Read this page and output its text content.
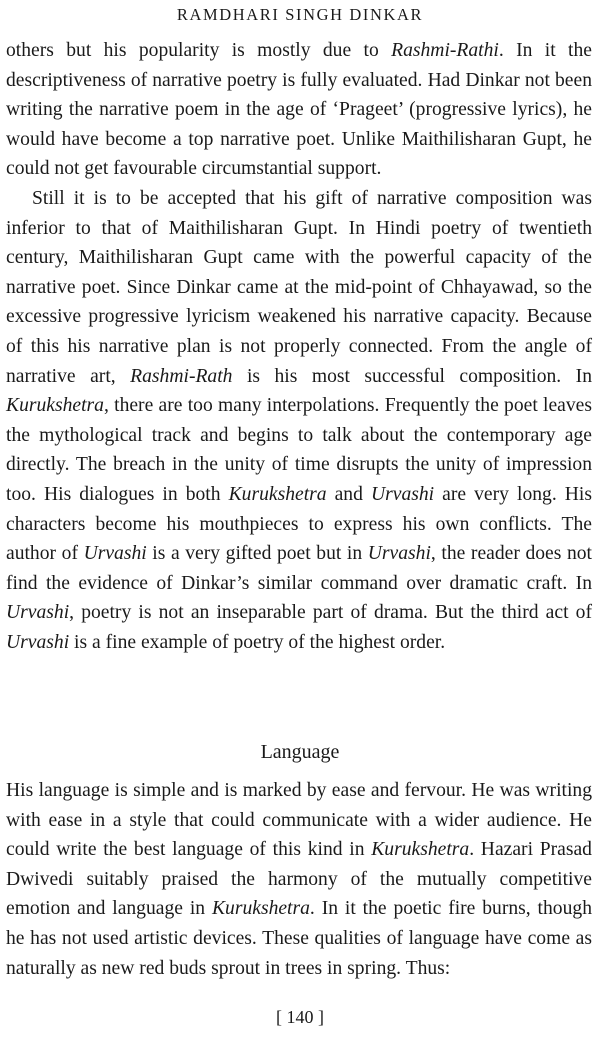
RAMDHARI SINGH DINKAR

others but his popularity is mostly due to Rashmi-Rathi. In it the descriptiveness of narrative poetry is fully evaluated. Had Dinkar not been writing the narrative poem in the age of ‘Prageet’ (progressive lyrics), he would have become a top narrative poet. Unlike Maithilisharan Gupt, he could not get favourable circumstantial support.

Still it is to be accepted that his gift of narrative composition was inferior to that of Maithilisharan Gupt. In Hindi poetry of twentieth century, Maithilisharan Gupt came with the powerful capacity of the narrative poet. Since Dinkar came at the mid-point of Chhayawad, so the excessive progressive lyricism weakened his narrative capacity. Because of this his narrative plan is not properly connected. From the angle of narrative art, Rashmi-Rath is his most successful composition. In Kurukshetra, there are too many interpolations. Frequently the poet leaves the mythological track and begins to talk about the contemporary age directly. The breach in the unity of time disrupts the unity of impression too. His dialogues in both Kurukshetra and Urvashi are very long. His characters become his mouthpieces to express his own conflicts. The author of Urvashi is a very gifted poet but in Urvashi, the reader does not find the evidence of Dinkar’s similar command over dramatic craft. In Urvashi, poetry is not an inseparable part of drama. But the third act of Urvashi is a fine example of poetry of the highest order.

Language

His language is simple and is marked by ease and fervour. He was writing with ease in a style that could communicate with a wider audience. He could write the best language of this kind in Kurukshetra. Hazari Prasad Dwivedi suitably praised the harmony of the mutually competitive emotion and language in Kurukshetra. In it the poetic fire burns, though he has not used artistic devices. These qualities of language have come as naturally as new red buds sprout in trees in spring. Thus:

[ 140 ]
